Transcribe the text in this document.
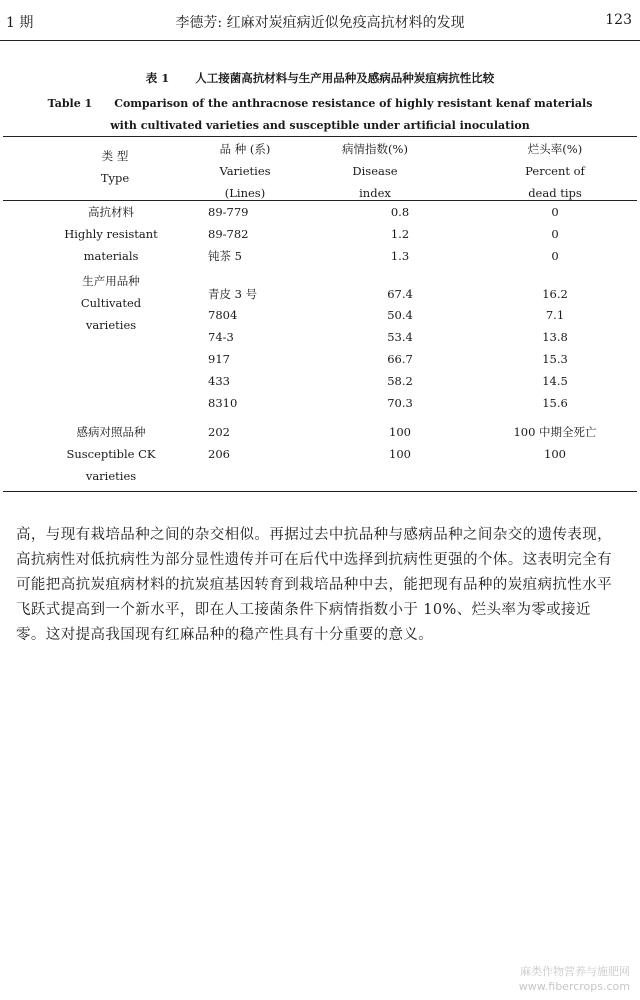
1 期	李德芳: 红麻对炭疽病近似免疫高抗材料的发现	123
表 1 人工接菌高抗材料与生产用品种及感病品种炭疽病抗性比较
Table 1 Comparison of the anthracnose resistance of highly resistant kenaf materials
with cultivated varieties and susceptible under artificial inoculation
类 型
Type
品 种 (系)
Varieties
(Lines)
病情指数(%)
Disease
index
烂头率(%)
Percent of
dead tips
高抗材料
Highly resistant
materials
89-779	0.8	0
89-782	1.2	0
钝茶 5	1.3	0
生产用品种
Cultivated
varieties
青皮 3 号	67.4	16.2
7804	50.4	7.1
74-3	53.4	13.8
917	66.7	15.3
433	58.2	14.5
8310	70.3	15.6
感病对照品种
Susceptible CK
varieties
202	100	100 中期全死亡
206	100	100
高，与现有栽培品种之间的杂交相似。再据过去中抗品种与感病品种之间杂交的遗传表现，
高抗病性对低抗病性为部分显性遗传并可在后代中选择到抗病性更强的个体。这表明完全有
可能把高抗炭疽病材料的抗炭疽基因转育到栽培品种中去，能把现有品种的炭疽病抗性水平
飞跃式提高到一个新水平，即在人工接菌条件下病情指数小于 10%、烂头率为零或接近
零。这对提高我国现有红麻品种的稳产性具有十分重要的意义。
麻类作物营养与施肥网
www.fibercrops.com
